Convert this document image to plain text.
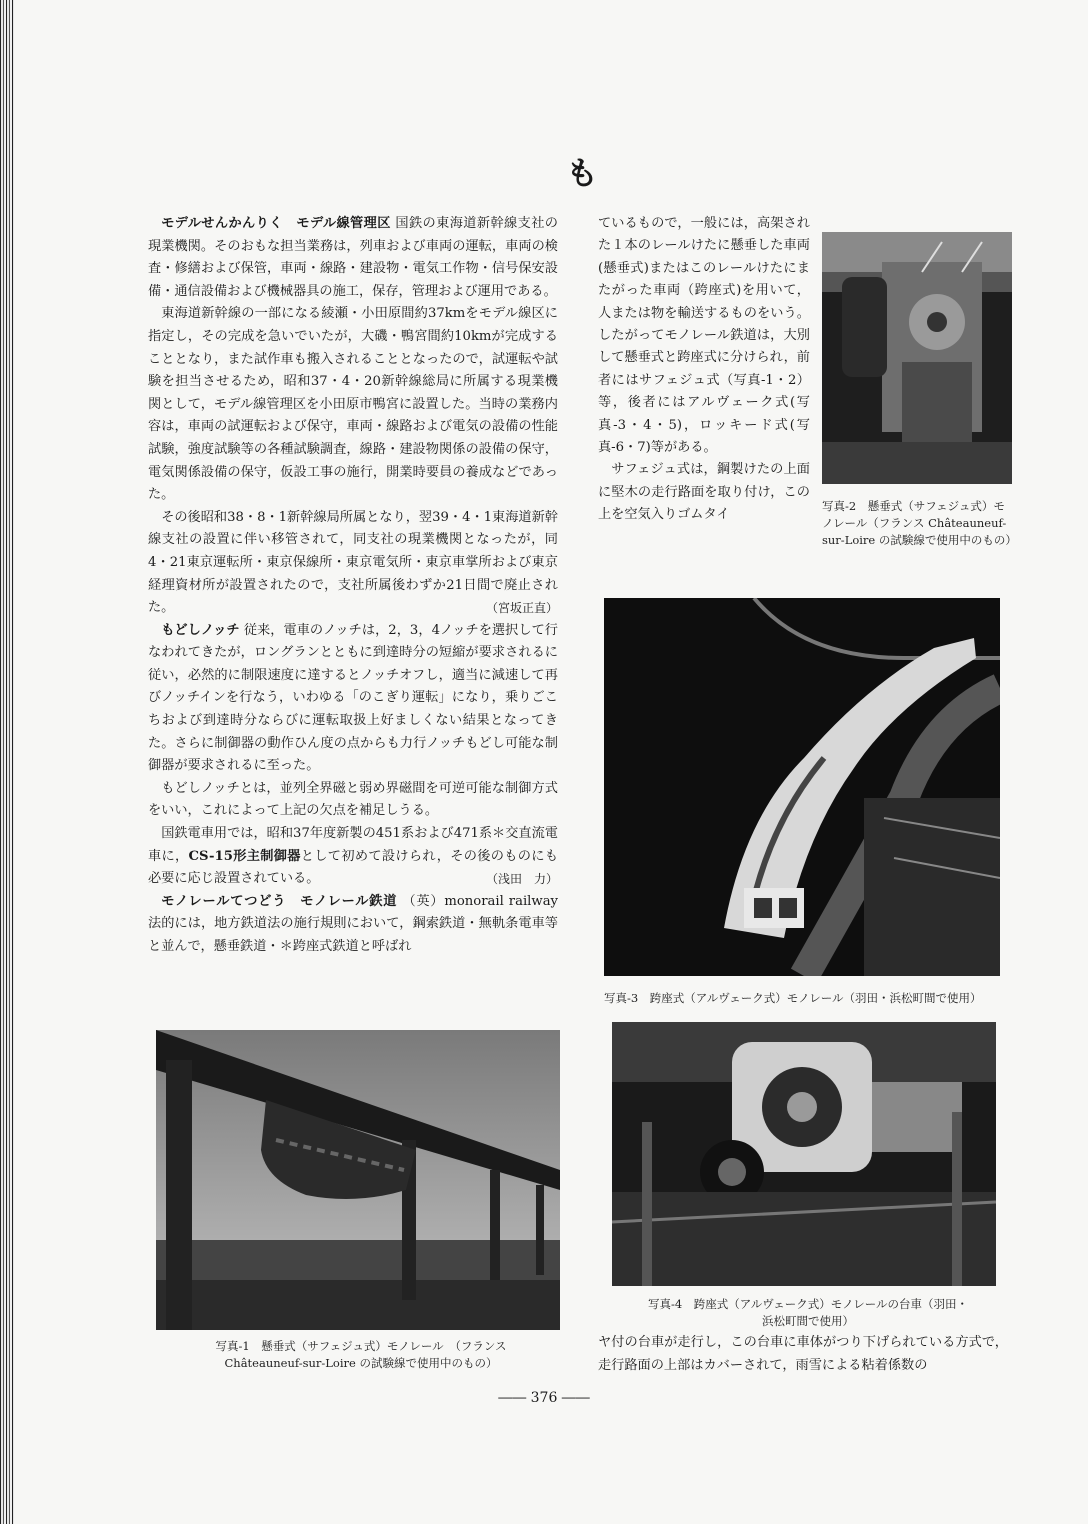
も

モデルせんかんりく　モデル線管理区 国鉄の東海道新幹線支社の現業機関。そのおもな担当業務は，列車および車両の運転，車両の検査・修繕および保管，車両・線路・建設物・電気工作物・信号保安設備・通信設備および機械器具の施工，保存，管理および運用である。

東海道新幹線の一部になる綾瀬・小田原間約37kmをモデル線区に指定し，その完成を急いでいたが，大磯・鴨宮間約10kmが完成することとなり，また試作車も搬入されることとなったので，試運転や試験を担当させるため，昭和37・4・20新幹線総局に所属する現業機関として，モデル線管理区を小田原市鴨宮に設置した。当時の業務内容は，車両の試運転および保守，車両・線路および電気の設備の性能試験，強度試験等の各種試験調査，線路・建設物関係の設備の保守，電気関係設備の保守，仮設工事の施行，開業時要員の養成などであった。

その後昭和38・8・1新幹線局所属となり，翌39・4・1東海道新幹線支社の設置に伴い移管されて，同支社の現業機関となったが，同4・21東京運転所・東京保線所・東京電気所・東京車掌所および東京経理資材所が設置されたので，支社所属後わずか21日間で廃止された。	（宮坂正直）

もどしノッチ 従来，電車のノッチは，2，3，4ノッチを選択して行なわれてきたが，ロングランとともに到達時分の短縮が要求されるに従い，必然的に制限速度に達するとノッチオフし，適当に減速して再びノッチインを行なう，いわゆる「のこぎり運転」になり，乗りごこちおよび到達時分ならびに運転取扱上好ましくない結果となってきた。さらに制御器の動作ひん度の点からも力行ノッチもどし可能な制御器が要求されるに至った。

もどしノッチとは，並列全界磁と弱め界磁間を可逆可能な制御方式をいい，これによって上記の欠点を補足しうる。

国鉄電車用では，昭和37年度新製の451系および471系＊交直流電車に，CS-15形主制御器として初めて設けられ，その後のものにも必要に応じ設置されている。	（浅田　力）

モノレールてつどう　モノレール鉄道 （英）monorail railway　法的には，地方鉄道法の施行規則において，鋼索鉄道・無軌条電車等と並んで，懸垂鉄道・＊跨座式鉄道と呼ばれ

ているもので，一般には，高架された１本のレールけたに懸垂した車両(懸垂式)またはこのレールけたにまたがった車両（跨座式)を用いて，人または物を輸送するものをいう。したがってモノレール鉄道は，大別して懸垂式と跨座式に分けられ，前者にはサフェジュ式（写真-1・2）等，後者にはアルヴェーク式(写真-3・4・5)，ロッキード式(写真-6・7)等がある。

サフェジュ式は，鋼製けたの上面に堅木の走行路面を取り付け，この上を空気入りゴムタイ

写真-2　懸垂式（サフェジュ式）モノレール（フランス Châteauneuf-sur-Loire の試験線で使用中のもの）
写真-3　跨座式（アルヴェーク式）モノレール（羽田・浜松町間で使用）
写真-4　跨座式（アルヴェーク式）モノレールの台車（羽田・浜松町間で使用）
写真-1　懸垂式（サフェジュ式）モノレール　（フランス Châteauneuf-sur-Loire の試験線で使用中のもの）

ヤ付の台車が走行し，この台車に車体がつり下げられている方式で，走行路面の上部はカバーされて，雨雪による粘着係数の

―― 376 ――
